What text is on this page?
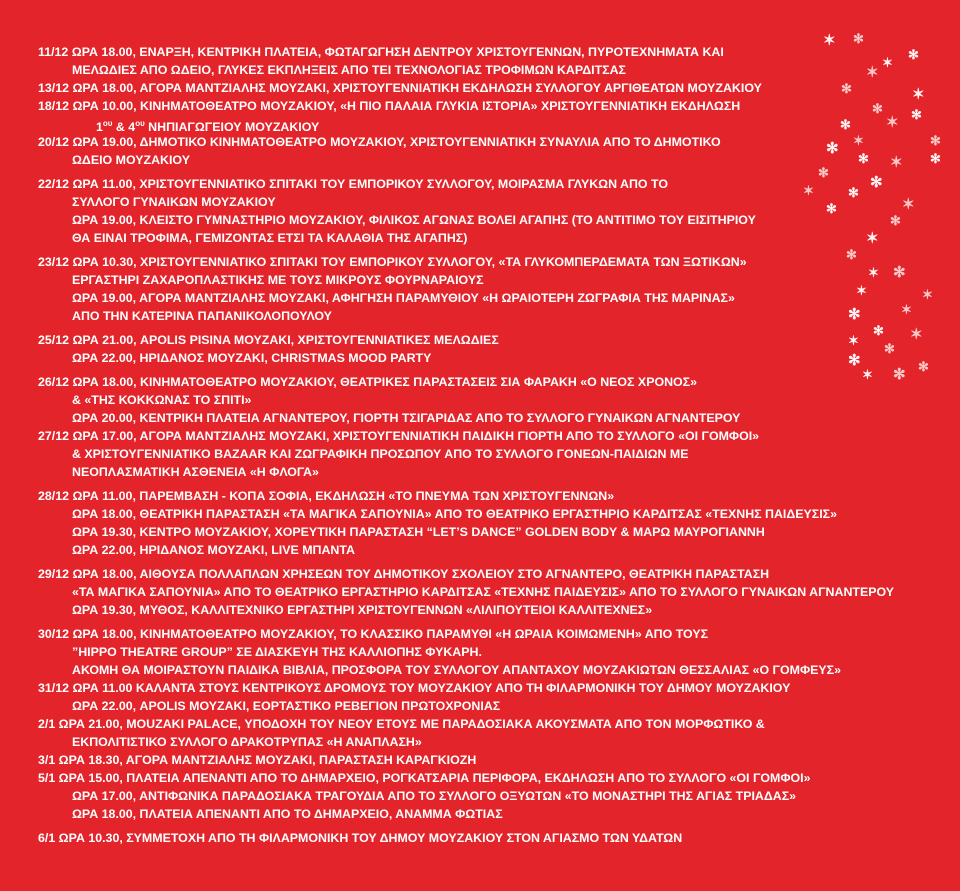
11/12 ΩΡΑ 18.00, ΕΝΑΡΞΗ, ΚΕΝΤΡΙΚΗ ΠΛΑΤΕΙΑ, ΦΩΤΑΓΩΓΗΣΗ ΔΕΝΤΡΟΥ ΧΡΙΣΤΟΥΓΕΝΝΩΝ, ΠΥΡΟΤΕΧΝΗΜΑΤΑ ΚΑΙ
ΜΕΛΩΔΙΕΣ ΑΠΟ ΩΔΕΙΟ, ΓΛΥΚΕΣ ΕΚΠΛΗΞΕΙΣ ΑΠΟ ΤΕΙ ΤΕΧΝΟΛΟΓΙΑΣ ΤΡΟΦΙΜΩΝ ΚΑΡΔΙΤΣΑΣ
13/12 ΩΡΑ 18.00, ΑΓΟΡΑ ΜΑΝΤΖΙΑΛΗΣ ΜΟΥΖΑΚΙ, ΧΡΙΣΤΟΥΓΕΝΝΙΑΤΙΚΗ ΕΚΔΗΛΩΣΗ ΣΥΛΛΟΓΟΥ ΑΡΓΙΘΕΑΤΩΝ ΜΟΥΖΑΚΙΟΥ
18/12 ΩΡΑ 10.00, ΚΙΝΗΜΑΤΟΘΕΑΤΡΟ ΜΟΥΖΑΚΙΟΥ, «Η ΠΙΟ ΠΑΛΑΙΑ ΓΛΥΚΙΑ ΙΣΤΟΡΙΑ» ΧΡΙΣΤΟΥΓΕΝΝΙΑΤΙΚΗ ΕΚΔΗΛΩΣΗ
$1^{o\upsilon}$ & $4^{o\upsilon}$ ΝΗΠΙΑΓΩΓΕΙΟΥ ΜΟΥΖΑΚΙΟΥ
20/12 ΩΡΑ 19.00, ΔΗΜΟΤΙΚΟ ΚΙΝΗΜΑΤΟΘΕΑΤΡΟ ΜΟΥΖΑΚΙΟΥ, ΧΡΙΣΤΟΥΓΕΝΝΙΑΤΙΚΗ ΣΥΝΑΥΛΙΑ ΑΠΟ ΤΟ ΔΗΜΟΤΙΚΟ
ΩΔΕΙΟ ΜΟΥΖΑΚΙΟΥ
22/12 ΩΡΑ 11.00, ΧΡΙΣΤΟΥΓΕΝΝΙΑΤΙΚΟ ΣΠΙΤΑΚΙ ΤΟΥ ΕΜΠΟΡΙΚΟΥ ΣΥΛΛΟΓΟΥ, ΜΟΙΡΑΣΜΑ ΓΛΥΚΩΝ ΑΠΟ ΤΟ
ΣΥΛΛΟΓΟ ΓΥΝΑΙΚΩΝ ΜΟΥΖΑΚΙΟΥ
ΩΡΑ 19.00, ΚΛΕΙΣΤΟ ΓΥΜΝΑΣΤΗΡΙΟ ΜΟΥΖΑΚΙΟΥ, ΦΙΛΙΚΟΣ ΑΓΩΝΑΣ ΒΟΛΕΙ ΑΓΑΠΗΣ (ΤΟ ΑΝΤΙΤΙΜΟ ΤΟΥ ΕΙΣΙΤΗΡΙΟΥ
ΘΑ ΕΙΝΑΙ ΤΡΟΦΙΜΑ, ΓΕΜΙΖΟΝΤΑΣ ΕΤΣΙ ΤΑ ΚΑΛΑΘΙΑ ΤΗΣ ΑΓΑΠΗΣ)
23/12 ΩΡΑ 10.30, ΧΡΙΣΤΟΥΓΕΝΝΙΑΤΙΚΟ ΣΠΙΤΑΚΙ ΤΟΥ ΕΜΠΟΡΙΚΟΥ ΣΥΛΛΟΓΟΥ, «ΤΑ ΓΛΥΚΟΜΠΕΡΔΕΜΑΤΑ ΤΩΝ ΞΩΤΙΚΩΝ»
ΕΡΓΑΣΤΗΡΙ ΖΑΧΑΡΟΠΛΑΣΤΙΚΗΣ ΜΕ ΤΟΥΣ ΜΙΚΡΟΥΣ ΦΟΥΡΝΑΡΑΙΟΥΣ
ΩΡΑ 19.00, ΑΓΟΡΑ ΜΑΝΤΖΙΑΛΗΣ ΜΟΥΖΑΚΙ, ΑΦΗΓΗΣΗ ΠΑΡΑΜΥΘΙΟΥ «Η ΩΡΑΙΟΤΕΡΗ ΖΩΓΡΑΦΙΑ ΤΗΣ ΜΑΡΙΝΑΣ»
ΑΠΟ ΤΗΝ ΚΑΤΕΡΙΝΑ ΠΑΠΑΝΙΚΟΛΟΠΟΥΛΟΥ
25/12 ΩΡΑ 21.00, APOLIS PISINA ΜΟΥΖΑΚΙ, ΧΡΙΣΤΟΥΓΕΝΝΙΑΤΙΚΕΣ ΜΕΛΩΔΙΕΣ
ΩΡΑ 22.00, ΗΡΙΔΑΝΟΣ ΜΟΥΖΑΚΙ, CHRISTMAS MOOD PARTY
26/12 ΩΡΑ 18.00, ΚΙΝΗΜΑΤΟΘΕΑΤΡΟ ΜΟΥΖΑΚΙΟΥ, ΘΕΑΤΡΙΚΕΣ ΠΑΡΑΣΤΑΣΕΙΣ ΣΙΑ ΦΑΡΑΚΗ «Ο ΝΕΟΣ ΧΡΟΝΟΣ»
& «ΤΗΣ ΚΟΚΚΩΝΑΣ ΤΟ ΣΠΙΤΙ»
ΩΡΑ 20.00, ΚΕΝΤΡΙΚΗ ΠΛΑΤΕΙΑ ΑΓΝΑΝΤΕΡΟΥ, ΓΙΟΡΤΗ ΤΣΙΓΑΡΙΔΑΣ ΑΠΟ ΤΟ ΣΥΛΛΟΓΟ ΓΥΝΑΙΚΩΝ ΑΓΝΑΝΤΕΡΟΥ
27/12 ΩΡΑ 17.00, ΑΓΟΡΑ ΜΑΝΤΖΙΑΛΗΣ ΜΟΥΖΑΚΙ, ΧΡΙΣΤΟΥΓΕΝΝΙΑΤΙΚΗ ΠΑΙΔΙΚΗ ΓΙΟΡΤΗ ΑΠΟ ΤΟ ΣΥΛΛΟΓΟ «ΟΙ ΓΟΜΦΟΙ»
& ΧΡΙΣΤΟΥΓΕΝΝΙΑΤΙΚΟ BAZAAR ΚΑΙ ΖΩΓΡΑΦΙΚΗ ΠΡΟΣΩΠΟΥ ΑΠΟ ΤΟ ΣΥΛΛΟΓΟ ΓΟΝΕΩΝ-ΠΑΙΔΙΩΝ ΜΕ
ΝΕΟΠΛΑΣΜΑΤΙΚΗ ΑΣΘΕΝΕΙΑ «Η ΦΛΟΓΑ»
28/12 ΩΡΑ 11.00, ΠΑΡΕΜΒΑΣΗ - ΚΟΠΑ ΣΟΦΙΑ, ΕΚΔΗΛΩΣΗ «ΤΟ ΠΝΕΥΜΑ ΤΩΝ ΧΡΙΣΤΟΥΓΕΝΝΩΝ»
ΩΡΑ 18.00, ΘΕΑΤΡΙΚΗ ΠΑΡΑΣΤΑΣΗ «ΤΑ ΜΑΓΙΚΑ ΣΑΠΟΥΝΙΑ» ΑΠΟ ΤΟ ΘΕΑΤΡΙΚΟ ΕΡΓΑΣΤΗΡΙΟ ΚΑΡΔΙΤΣΑΣ «ΤΕΧΝΗΣ ΠΑΙΔΕΥΣΙΣ»
ΩΡΑ 19.30, ΚΕΝΤΡΟ ΜΟΥΖΑΚΙΟΥ, ΧΟΡΕΥΤΙΚΗ ΠΑΡΑΣΤΑΣΗ “LET’S DANCE” GOLDEN BODY & ΜΑΡΩ ΜΑΥΡΟΓΙΑΝΝΗ
ΩΡΑ 22.00, ΗΡΙΔΑΝΟΣ ΜΟΥΖΑΚΙ, LIVE ΜΠΑΝΤΑ
29/12 ΩΡΑ 18.00, ΑΙΘΟΥΣΑ ΠΟΛΛΑΠΛΩΝ ΧΡΗΣΕΩΝ ΤΟΥ ΔΗΜΟΤΙΚΟΥ ΣΧΟΛΕΙΟΥ ΣΤΟ ΑΓΝΑΝΤΕΡΟ, ΘΕΑΤΡΙΚΗ ΠΑΡΑΣΤΑΣΗ
«ΤΑ ΜΑΓΙΚΑ ΣΑΠΟΥΝΙΑ» ΑΠΟ ΤΟ ΘΕΑΤΡΙΚΟ ΕΡΓΑΣΤΗΡΙΟ ΚΑΡΔΙΤΣΑΣ «ΤΕΧΝΗΣ ΠΑΙΔΕΥΣΙΣ» ΑΠΟ ΤΟ ΣΥΛΛΟΓΟ ΓΥΝΑΙΚΩΝ ΑΓΝΑΝΤΕΡΟΥ
ΩΡΑ 19.30, ΜΥΘΟΣ, ΚΑΛΛΙΤΕΧΝΙΚΟ ΕΡΓΑΣΤΗΡΙ ΧΡΙΣΤΟΥΓΕΝΝΩΝ «ΛΙΛΙΠΟΥΤΕΙΟΙ ΚΑΛΛΙΤΕΧΝΕΣ»
30/12 ΩΡΑ 18.00, ΚΙΝΗΜΑΤΟΘΕΑΤΡΟ ΜΟΥΖΑΚΙΟΥ, ΤΟ ΚΛΑΣΣΙΚΟ ΠΑΡΑΜΥΘΙ «Η ΩΡΑΙΑ ΚΟΙΜΩΜΕΝΗ» ΑΠΟ ΤΟΥΣ
”HIPPO THEATRE GROUP” ΣΕ ΔΙΑΣΚΕΥΗ ΤΗΣ ΚΑΛΛΙΟΠΗΣ ΦΥΚΑΡΗ.
ΑΚΟΜΗ ΘΑ ΜΟΙΡΑΣΤΟΥΝ ΠΑΙΔΙΚΑ ΒΙΒΛΙΑ, ΠΡΟΣΦΟΡΑ ΤΟΥ ΣΥΛΛΟΓΟΥ ΑΠΑΝΤΑΧΟΥ ΜΟΥΖΑΚΙΩΤΩΝ ΘΕΣΣΑΛΙΑΣ «Ο ΓΟΜΦΕΥΣ»
31/12 ΩΡΑ 11.00 ΚΑΛΑΝΤΑ ΣΤΟΥΣ ΚΕΝΤΡΙΚΟΥΣ ΔΡΟΜΟΥΣ ΤΟΥ ΜΟΥΖΑΚΙΟΥ ΑΠΟ ΤΗ ΦΙΛΑΡΜΟΝΙΚΗ ΤΟΥ ΔΗΜΟΥ ΜΟΥΖΑΚΙΟΥ
ΩΡΑ 22.00, APOLIS ΜΟΥΖΑΚΙ, ΕΟΡΤΑΣΤΙΚΟ ΡΕΒΕΓΙΟΝ ΠΡΩΤΟΧΡΟΝΙΑΣ
2/1 ΩΡΑ 21.00, MOUZAKI PALACE, ΥΠΟΔΟΧΗ ΤΟΥ ΝΕΟΥ ΕΤΟΥΣ ΜΕ ΠΑΡΑΔΟΣΙΑΚΑ ΑΚΟΥΣΜΑΤΑ ΑΠΟ ΤΟΝ ΜΟΡΦΩΤΙΚΟ &
ΕΚΠΟΛΙΤΙΣΤΙΚΟ ΣΥΛΛΟΓΟ ΔΡΑΚΟΤΡΥΠΑΣ «Η ΑΝΑΠΛΑΣΗ»
3/1 ΩΡΑ 18.30, ΑΓΟΡΑ ΜΑΝΤΖΙΑΛΗΣ ΜΟΥΖΑΚΙ, ΠΑΡΑΣΤΑΣΗ ΚΑΡΑΓΚΙΟΖΗ
5/1 ΩΡΑ 15.00, ΠΛΑΤΕΙΑ ΑΠΕΝΑΝΤΙ ΑΠΟ ΤΟ ΔΗΜΑΡΧΕΙΟ, ΡΟΓΚΑΤΣΑΡΙΑ ΠΕΡΙΦΟΡΑ, ΕΚΔΗΛΩΣΗ ΑΠΟ ΤΟ ΣΥΛΛΟΓΟ «ΟΙ ΓΟΜΦΟΙ»
ΩΡΑ 17.00, ΑΝΤΙΦΩΝΙΚΑ ΠΑΡΑΔΟΣΙΑΚΑ ΤΡΑΓΟΥΔΙΑ ΑΠΟ ΤΟ ΣΥΛΛΟΓΟ ΟΞΥΩΤΩΝ «ΤΟ ΜΟΝΑΣΤΗΡΙ ΤΗΣ ΑΓΙΑΣ ΤΡΙΑΔΑΣ»
ΩΡΑ 18.00, ΠΛΑΤΕΙΑ ΑΠΕΝΑΝΤΙ ΑΠΟ ΤΟ ΔΗΜΑΡΧΕΙΟ, ΑΝΑΜΜΑ ΦΩΤΙΑΣ
6/1 ΩΡΑ 10.30, ΣΥΜΜΕΤΟΧΗ ΑΠΟ ΤΗ ΦΙΛΑΡΜΟΝΙΚΗ ΤΟΥ ΔΗΜΟΥ ΜΟΥΖΑΚΙΟΥ ΣΤΟΝ ΑΓΙΑΣΜΟ ΤΩΝ ΥΔΑΤΩΝ
✶ ✻
✻
✶
✶
✻	✶
✻
✻ ✶ ✻
✶
✻	✻
✻ ✶ ✻
✻
✻
✶	✻
✶
✻
✻
✶
✻
✶ ✻
✶	✶
✻	✶
✻ ✶
✶
✻
✻	✻
✶ ✻
